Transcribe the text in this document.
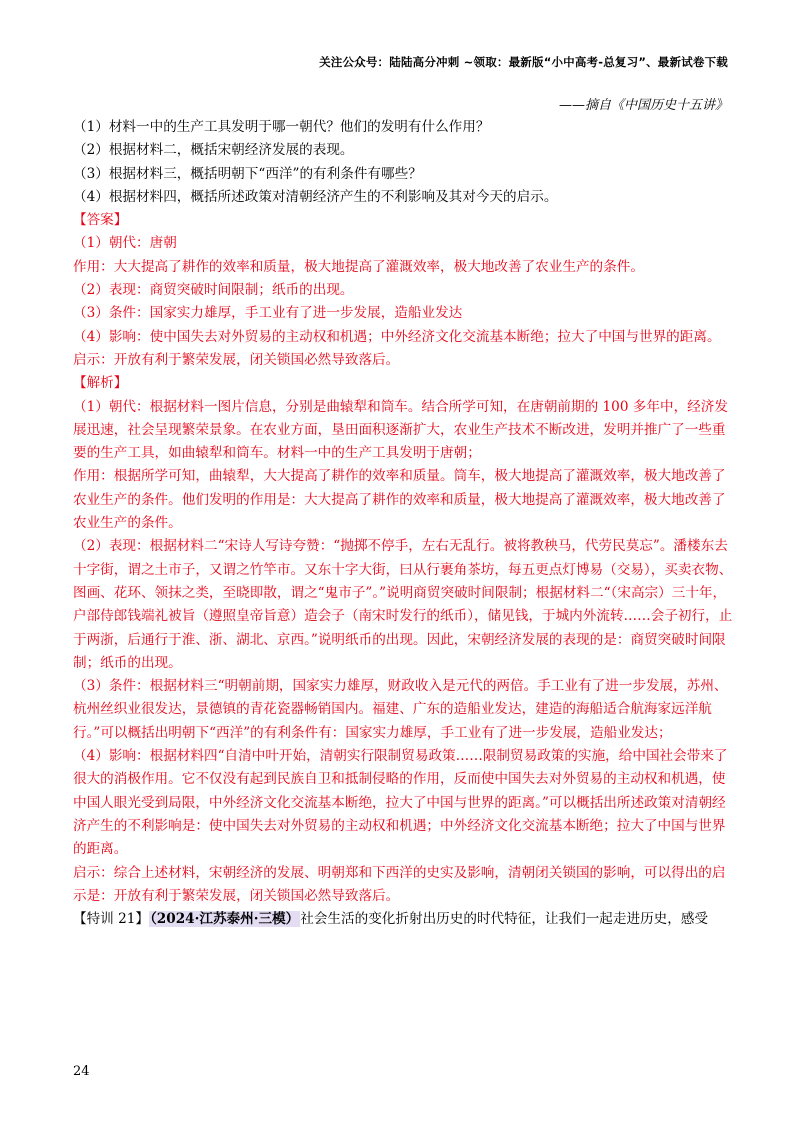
关注公众号：陆陆高分冲刺 ~领取：最新版“小中高考-总复习”、最新试卷下载
——摘自《中国历史十五讲》
（1）材料一中的生产工具发明于哪一朝代？他们的发明有什么作用？
（2）根据材料二，概括宋朝经济发展的表现。
（3）根据材料三，概括明朝下“西洋”的有利条件有哪些？
（4）根据材料四，概括所述政策对清朝经济产生的不利影响及其对今天的启示。
【答案】
（1）朝代：唐朝
作用：大大提高了耕作的效率和质量，极大地提高了灌溉效率，极大地改善了农业生产的条件。
（2）表现：商贸突破时间限制；纸币的出现。
（3）条件：国家实力雄厚，手工业有了进一步发展，造船业发达
（4）影响：使中国失去对外贸易的主动权和机遇；中外经济文化交流基本断绝；拉大了中国与世界的距离。
启示：开放有利于繁荣发展，闭关锁国必然导致落后。
【解析】
（1）朝代：根据材料一图片信息，分别是曲辕犁和筒车。结合所学可知，在唐朝前期的 100 多年中，经济发展迅速，社会呈现繁荣景象。在农业方面，垦田面积逐渐扩大，农业生产技术不断改进，发明并推广了一些重要的生产工具，如曲辕犁和筒车。材料一中的生产工具发明于唐朝；
作用：根据所学可知，曲辕犁，大大提高了耕作的效率和质量。筒车，极大地提高了灌溉效率，极大地改善了农业生产的条件。他们发明的作用是：大大提高了耕作的效率和质量，极大地提高了灌溉效率，极大地改善了农业生产的条件。
（2）表现：根据材料二“宋诗人写诗夸赞：“抛掷不停手，左右无乱行。被将教秧马，代劳民莫忘”。潘楼东去十字街，谓之土市子，又谓之竹竿市。又东十字大街，曰从行裹角茶坊，每五更点灯博易（交易），买卖衣物、图画、花环、领抹之类，至晓即散，谓之“鬼市子”。”说明商贸突破时间限制；根据材料二“（宋高宗）三十年，户部侍郎钱端礼被旨（遵照皇帝旨意）造会子（南宋时发行的纸币），储见钱，于城内外流转……会子初行，止于两浙，后通行于淮、浙、湖北、京西。”说明纸币的出现。因此，宋朝经济发展的表现的是：商贸突破时间限制；纸币的出现。
（3）条件：根据材料三“明朝前期，国家实力雄厚，财政收入是元代的两倍。手工业有了进一步发展，苏州、杭州丝织业很发达，景德镇的青花瓷器畅销国内。福建、广东的造船业发达，建造的海船适合航海家远洋航行。”可以概括出明朝下“西洋”的有利条件有：国家实力雄厚，手工业有了进一步发展，造船业发达；
（4）影响：根据材料四“自清中叶开始，清朝实行限制贸易政策……限制贸易政策的实施，给中国社会带来了很大的消极作用。它不仅没有起到民族自卫和抵制侵略的作用，反而使中国失去对外贸易的主动权和机遇，使中国人眼光受到局限，中外经济文化交流基本断绝，拉大了中国与世界的距离。”可以概括出所述政策对清朝经济产生的不利影响是：使中国失去对外贸易的主动权和机遇；中外经济文化交流基本断绝；拉大了中国与世界的距离。
启示：综合上述材料，宋朝经济的发展、明朝郑和下西洋的史实及影响，清朝闭关锁国的影响，可以得出的启示是：开放有利于繁荣发展，闭关锁国必然导致落后。
【特训 21】（2024·江苏泰州·三模）社会生活的变化折射出历史的时代特征，让我们一起走进历史，感受
24
